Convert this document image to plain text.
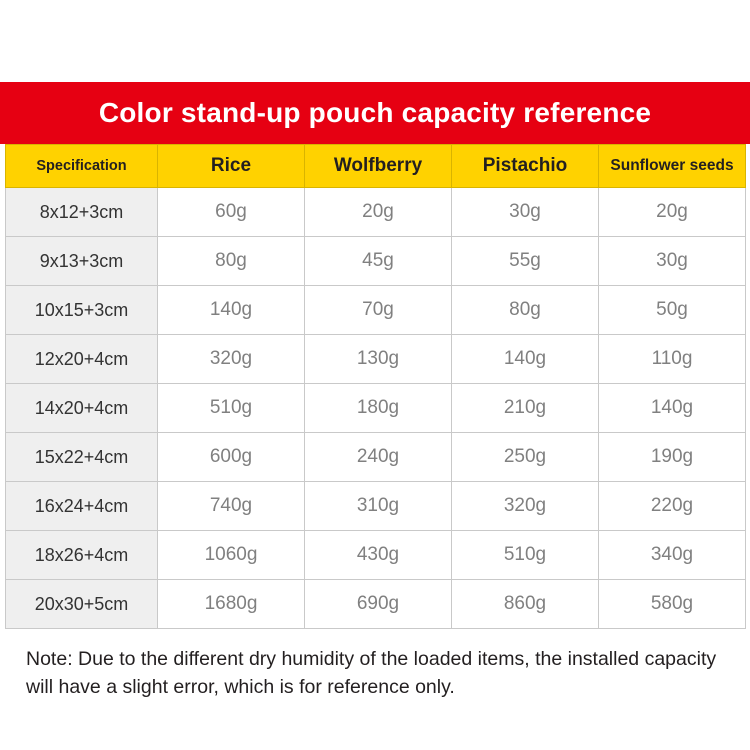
Color stand-up pouch capacity reference
Specification	Rice	Wolfberry	Pistachio	Sunflower seeds
8x12+3cm	60g	20g	30g	20g
9x13+3cm	80g	45g	55g	30g
10x15+3cm	140g	70g	80g	50g
12x20+4cm	320g	130g	140g	110g
14x20+4cm	510g	180g	210g	140g
15x22+4cm	600g	240g	250g	190g
16x24+4cm	740g	310g	320g	220g
18x26+4cm	1060g	430g	510g	340g
20x30+5cm	1680g	690g	860g	580g
Note: Due to the different dry humidity of the loaded items, the installed capacity will have a slight error, which is for reference only.
